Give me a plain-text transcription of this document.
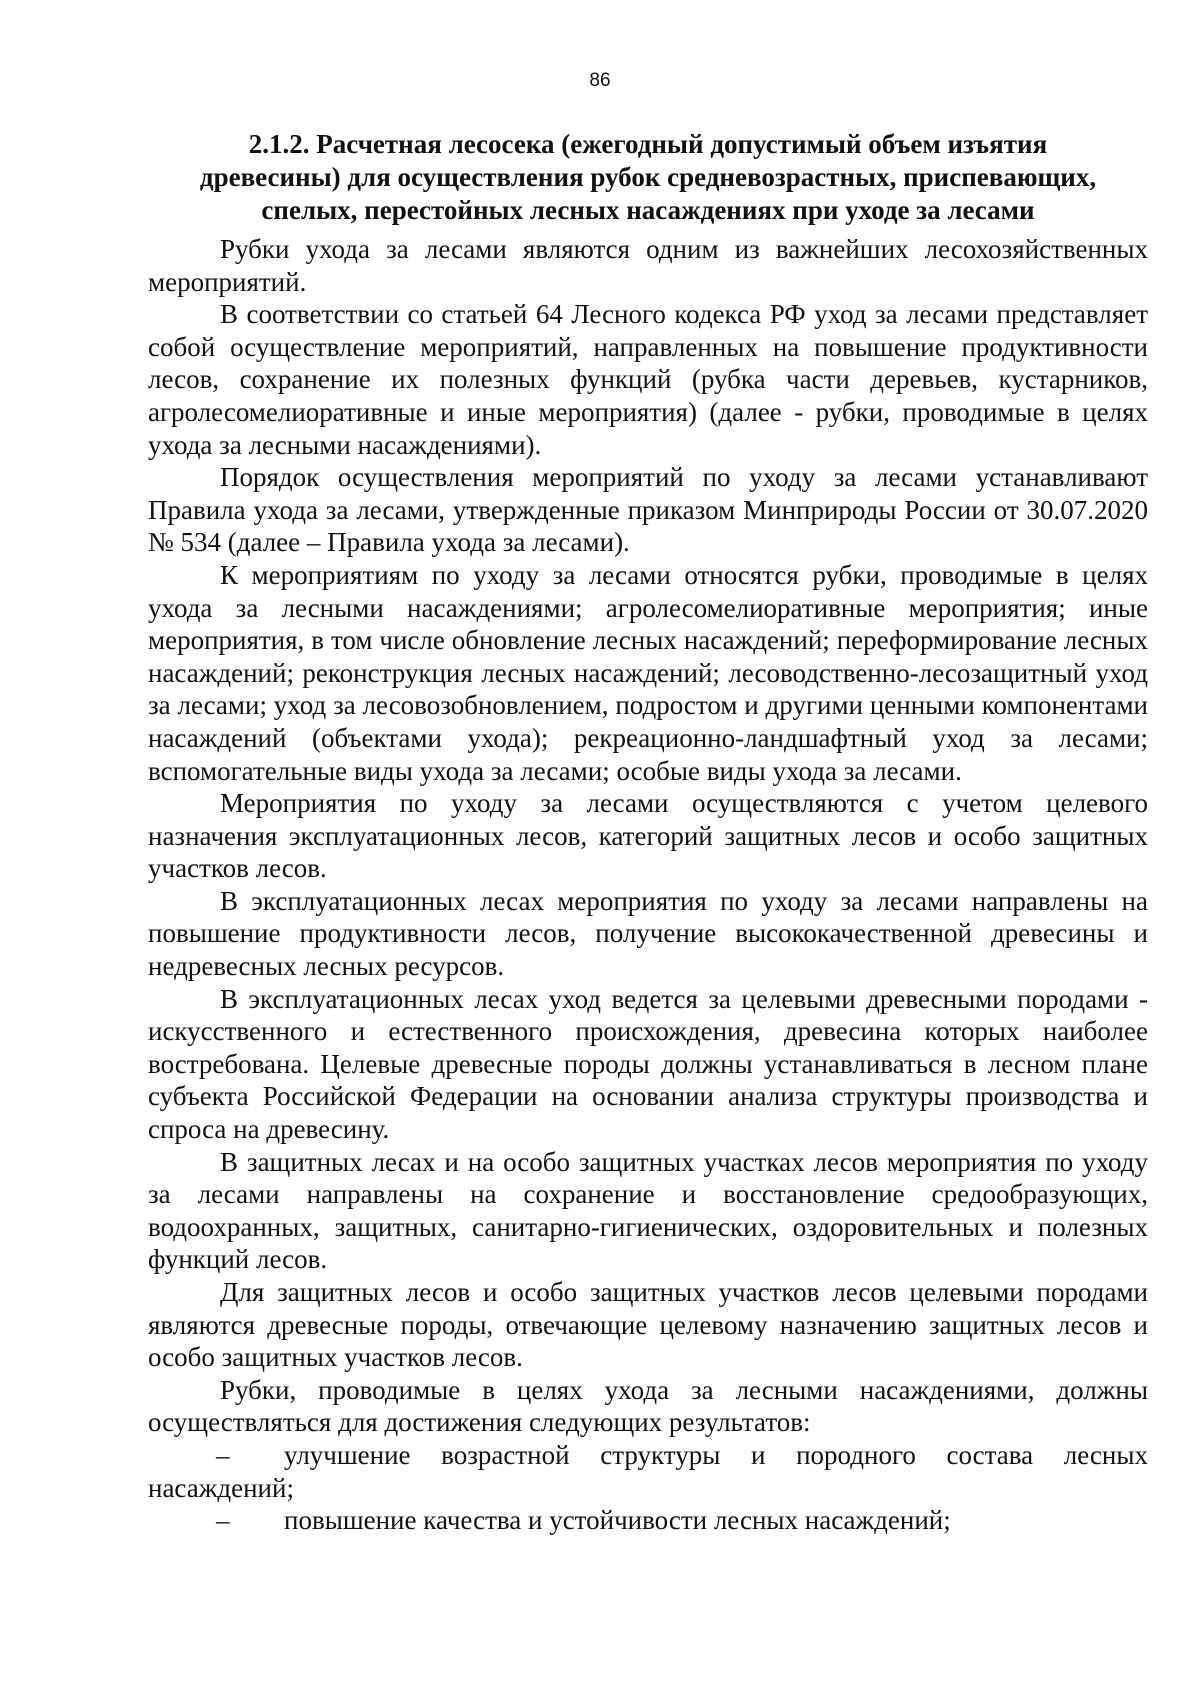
86
2.1.2. Расчетная лесосека (ежегодный допустимый объем изъятия
древесины) для осуществления рубок средневозрастных, приспевающих,
спелых, перестойных лесных насаждениях при уходе за лесами

Рубки ухода за лесами являются одним из важнейших лесохозяйственных мероприятий.

В соответствии со статьей 64 Лесного кодекса РФ уход за лесами представляет собой осуществление мероприятий, направленных на повышение продуктивности лесов, сохранение их полезных функций (рубка части деревьев, кустарников, агролесомелиоративные и иные мероприятия) (далее - рубки, проводимые в целях ухода за лесными насаждениями).

Порядок осуществления мероприятий по уходу за лесами устанавливают Правила ухода за лесами, утвержденные приказом Минприроды России от 30.07.2020 № 534 (далее – Правила ухода за лесами).

К мероприятиям по уходу за лесами относятся рубки, проводимые в целях ухода за лесными насаждениями; агролесомелиоративные мероприятия; иные мероприятия, в том числе обновление лесных насаждений; переформирование лесных насаждений; реконструкция лесных насаждений; лесоводственно-лесозащитный уход за лесами; уход за лесовозобновлением, подростом и другими ценными компонентами насаждений (объектами ухода); рекреационно-ландшафтный уход за лесами; вспомогательные виды ухода за лесами; особые виды ухода за лесами.

Мероприятия по уходу за лесами осуществляются с учетом целевого назначения эксплуатационных лесов, категорий защитных лесов и особо защитных участков лесов.

В эксплуатационных лесах мероприятия по уходу за лесами направлены на повышение продуктивности лесов, получение высококачественной древесины и недревесных лесных ресурсов.

В эксплуатационных лесах уход ведется за целевыми древесными породами - искусственного и естественного происхождения, древесина которых наиболее востребована. Целевые древесные породы должны устанавливаться в лесном плане субъекта Российской Федерации на основании анализа структуры производства и спроса на древесину.

В защитных лесах и на особо защитных участках лесов мероприятия по уходу за лесами направлены на сохранение и восстановление средообразующих, водоохранных, защитных, санитарно-гигиенических, оздоровительных и полезных функций лесов.

Для защитных лесов и особо защитных участков лесов целевыми породами являются древесные породы, отвечающие целевому назначению защитных лесов и особо защитных участков лесов.

Рубки, проводимые в целях ухода за лесными насаждениями, должны осуществляться для достижения следующих результатов:

– улучшение возрастной структуры и породного состава лесных насаждений;

– повышение качества и устойчивости лесных насаждений;
